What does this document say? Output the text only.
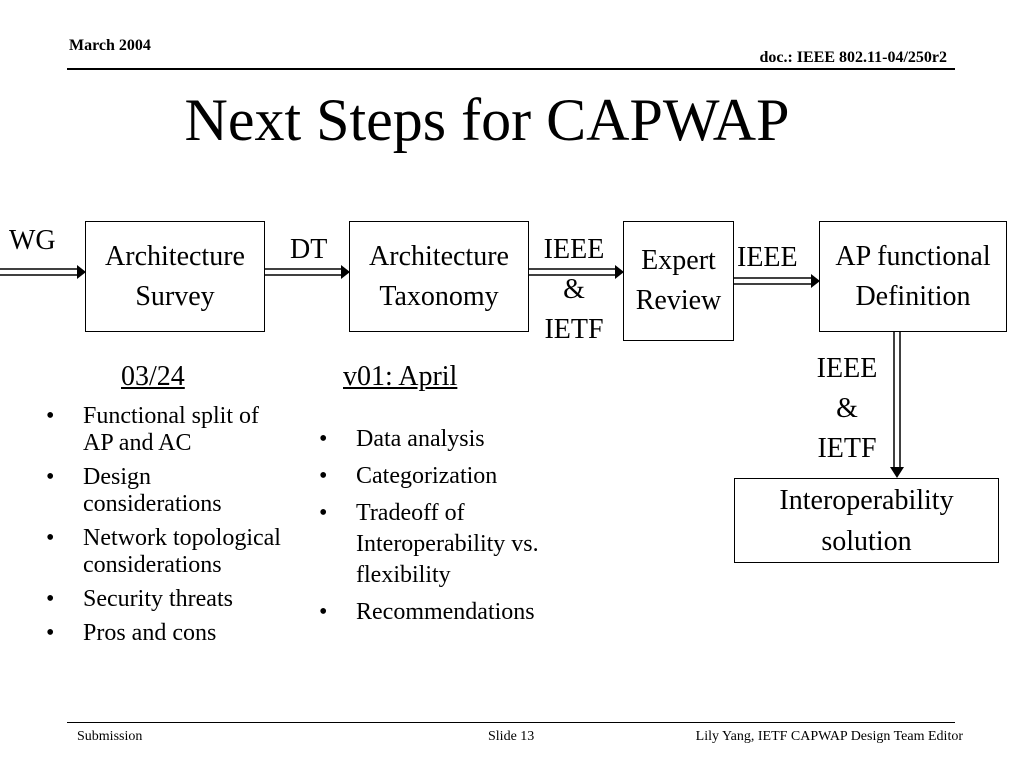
March 2004
doc.: IEEE 802.11-04/250r2
Next Steps for CAPWAP
Architecture
Survey
Architecture
Taxonomy
Expert
Review
AP functional
Definition
Interoperability
solution
WG	DT	IEEE
&
IETF
IEEE
IEEE
&
IETF
03/24	v01: April
• Functional split of AP and AC
• Design considerations
• Network topological considerations
• Security threats
• Pros and cons
• Data analysis
• Categorization
• Tradeoff of Interoperability vs. flexibility
• Recommendations
Submission	Slide 13	Lily Yang, IETF CAPWAP Design Team Editor
